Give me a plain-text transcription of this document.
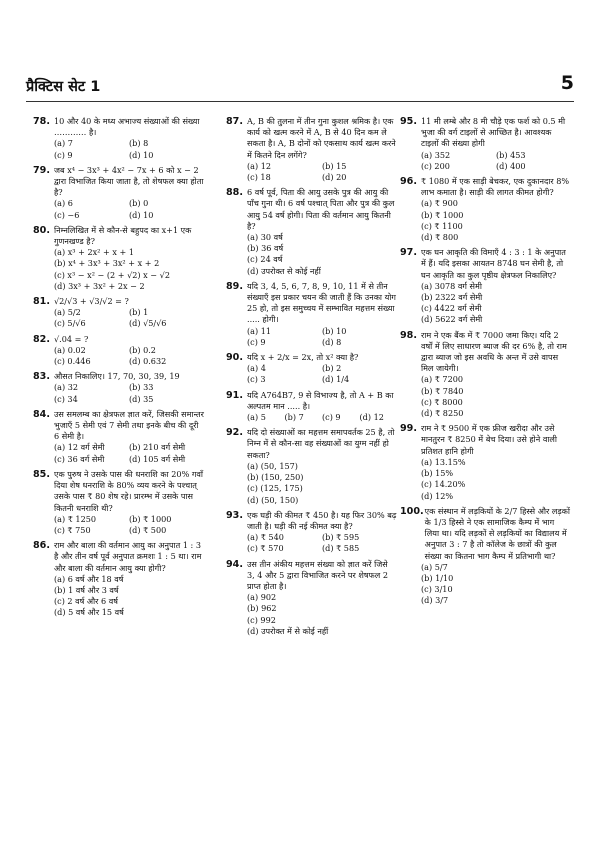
प्रैक्टिस सेट 1	5
78. 10 और 40 के मध्य अभाज्य संख्याओं की संख्या ………… है।
(a) 7	(b) 8
(c) 9	(d) 10
79. जब x⁴ − 3x³ + 4x² − 7x + 6 को x − 2 द्वारा विभाजित किया जाता है, तो शेषफल क्या होता है?
(a) 6	(b) 0
(c) −6	(d) 10
80. निम्नलिखित में से कौन-से बहुपद का x+1 एक गुणनखण्ड है?
(a) x³ + 2x² + x + 1
(b) x⁴ + 3x³ + 3x² + x + 2
(c) x³ − x² − (2 + √2) x − √2
(d) 3x³ + 3x² + 2x − 2
81. √2/√3 + √3/√2 = ?
(a) 5/2	(b) 1
(c) 5/√6	(d) √5/√6
82. √.04 = ?
(a) 0.02	(b) 0.2
(c) 0.446	(d) 0.632
83. औसत निकालिए। 17, 70, 30, 39, 19
(a) 32	(b) 33
(c) 34	(d) 35
84. उस समलम्ब का क्षेत्रफल ज्ञात करें, जिसकी समान्तर भुजाएँ 5 सेमी एवं 7 सेमी तथा इनके बीच की दूरी 6 सेमी है।
(a) 12 वर्ग सेमी	(b) 210 वर्ग सेमी
(c) 36 वर्ग सेमी	(d) 105 वर्ग सेमी
85. एक पुरुष ने उसके पास की धनराशि का 20% गवाँ दिया शेष धनराशि के 80% व्यय करने के पश्चात् उसके पास ₹ 80 शेष रहे। प्रारम्भ में उसके पास कितनी धनराशि थी?
(a) ₹ 1250	(b) ₹ 1000
(c) ₹ 750	(d) ₹ 500
86. राम और बाला की वर्तमान आयु का अनुपात 1 : 3 है और तीन वर्ष पूर्व अनुपात क्रमशः 1 : 5 था। राम और बाला की वर्तमान आयु क्या होगी?
(a) 6 वर्ष और 18 वर्ष
(b) 1 वर्ष और 3 वर्ष
(c) 2 वर्ष और 6 वर्ष
(d) 5 वर्ष और 15 वर्ष
87. A, B की तुलना में तीन गुना कुशल श्रमिक है। एक कार्य को खत्म करने में A, B से 40 दिन कम ले सकता है। A, B दोनों को एकसाथ कार्य खत्म करने में कितने दिन लगेंगे?
(a) 12	(b) 15
(c) 18	(d) 20
88. 6 वर्ष पूर्व, पिता की आयु उसके पुत्र की आयु की पाँच गुना थी। 6 वर्ष पश्चात् पिता और पुत्र की कुल आयु 54 वर्ष होगी। पिता की वर्तमान आयु कितनी है?
(a) 30 वर्ष
(b) 36 वर्ष
(c) 24 वर्ष
(d) उपरोक्त से कोई नहीं
89. यदि 3, 4, 5, 6, 7, 8, 9, 10, 11 में से तीन संख्याएँ इस प्रकार चयन की जाती हैं कि उनका योग 25 हो, तो इस समुच्चय में सम्भावित महत्तम संख्या ..... होगी।
(a) 11	(b) 10
(c) 9	(d) 8
90. यदि x + 2/x = 2x, तो x² क्या है?
(a) 4	(b) 2
(c) 3	(d) 1/4
91. यदि A764B7, 9 से विभाज्य है, तो A + B का अल्पतम मान ..... है।
(a) 5	(b) 7	(c) 9	(d) 12
92. यदि दो संख्याओं का महत्तम समापवर्तक 25 है, तो निम्न में से कौन-सा वह संख्याओं का युग्म नहीं हो सकता?
(a) (50, 157)
(b) (150, 250)
(c) (125, 175)
(d) (50, 150)
93. एक घड़ी की कीमत ₹ 450 है। यह फिर 30% बढ़ जाती है। घड़ी की नई कीमत क्या है?
(a) ₹ 540	(b) ₹ 595
(c) ₹ 570	(d) ₹ 585
94. उस तीन अंकीय महत्तम संख्या को ज्ञात करें जिसे 3, 4 और 5 द्वारा विभाजित करने पर शेषफल 2 प्राप्त होता है।
(a) 902
(b) 962
(c) 992
(d) उपरोक्त में से कोई नहीं
95. 11 मी लम्बे और 8 मी चौड़े एक फर्श को 0.5 मी भुजा की वर्ग टाइलों से आच्छित है। आवश्यक टाइलों की संख्या होगी
(a) 352	(b) 453
(c) 200	(d) 400
96. ₹ 1080 में एक साड़ी बेचकर, एक दुकानदार 8% लाभ कमाता है। साड़ी की लागत कीमत होगी?
(a) ₹ 900
(b) ₹ 1000
(c) ₹ 1100
(d) ₹ 800
97. एक घन आकृति की विमाएँ 4 : 3 : 1 के अनुपात में हैं। यदि इसका आयतन 8748 घन सेमी है, तो घन आकृति का कुल पृष्ठीय क्षेत्रफल निकालिए?
(a) 3078 वर्ग सेमी
(b) 2322 वर्ग सेमी
(c) 4422 वर्ग सेमी
(d) 5622 वर्ग सेमी
98. राम ने एक बैंक में ₹ 7000 जमा किए। यदि 2 वर्षों में लिए साधारण ब्याज की दर 6% है, तो राम द्वारा ब्याज जो इस अवधि के अन्त में उसे वापस मिल जायेगी।
(a) ₹ 7200
(b) ₹ 7840
(c) ₹ 8000
(d) ₹ 8250
99. राम ने ₹ 9500 में एक फ्रीज खरीदा और उसे मानतुरन ₹ 8250 में बेच दिया। उसे होने वाली प्रतिशत हानि होगी
(a) 13.15%
(b) 15%
(c) 14.20%
(d) 12%
100. एक संस्थान में लड़कियों के 2/7 हिस्से और लड़कों के 1/3 हिस्से ने एक सामाजिक कैम्प में भाग लिया था। यदि लड़कों से लड़कियों का विद्यालय में अनुपात 3 : 7 है तो कॉलेज के छात्रों की कुल संख्या का कितना भाग कैम्प में प्रतिभागी था?
(a) 5/7
(b) 1/10
(c) 3/10
(d) 3/7
